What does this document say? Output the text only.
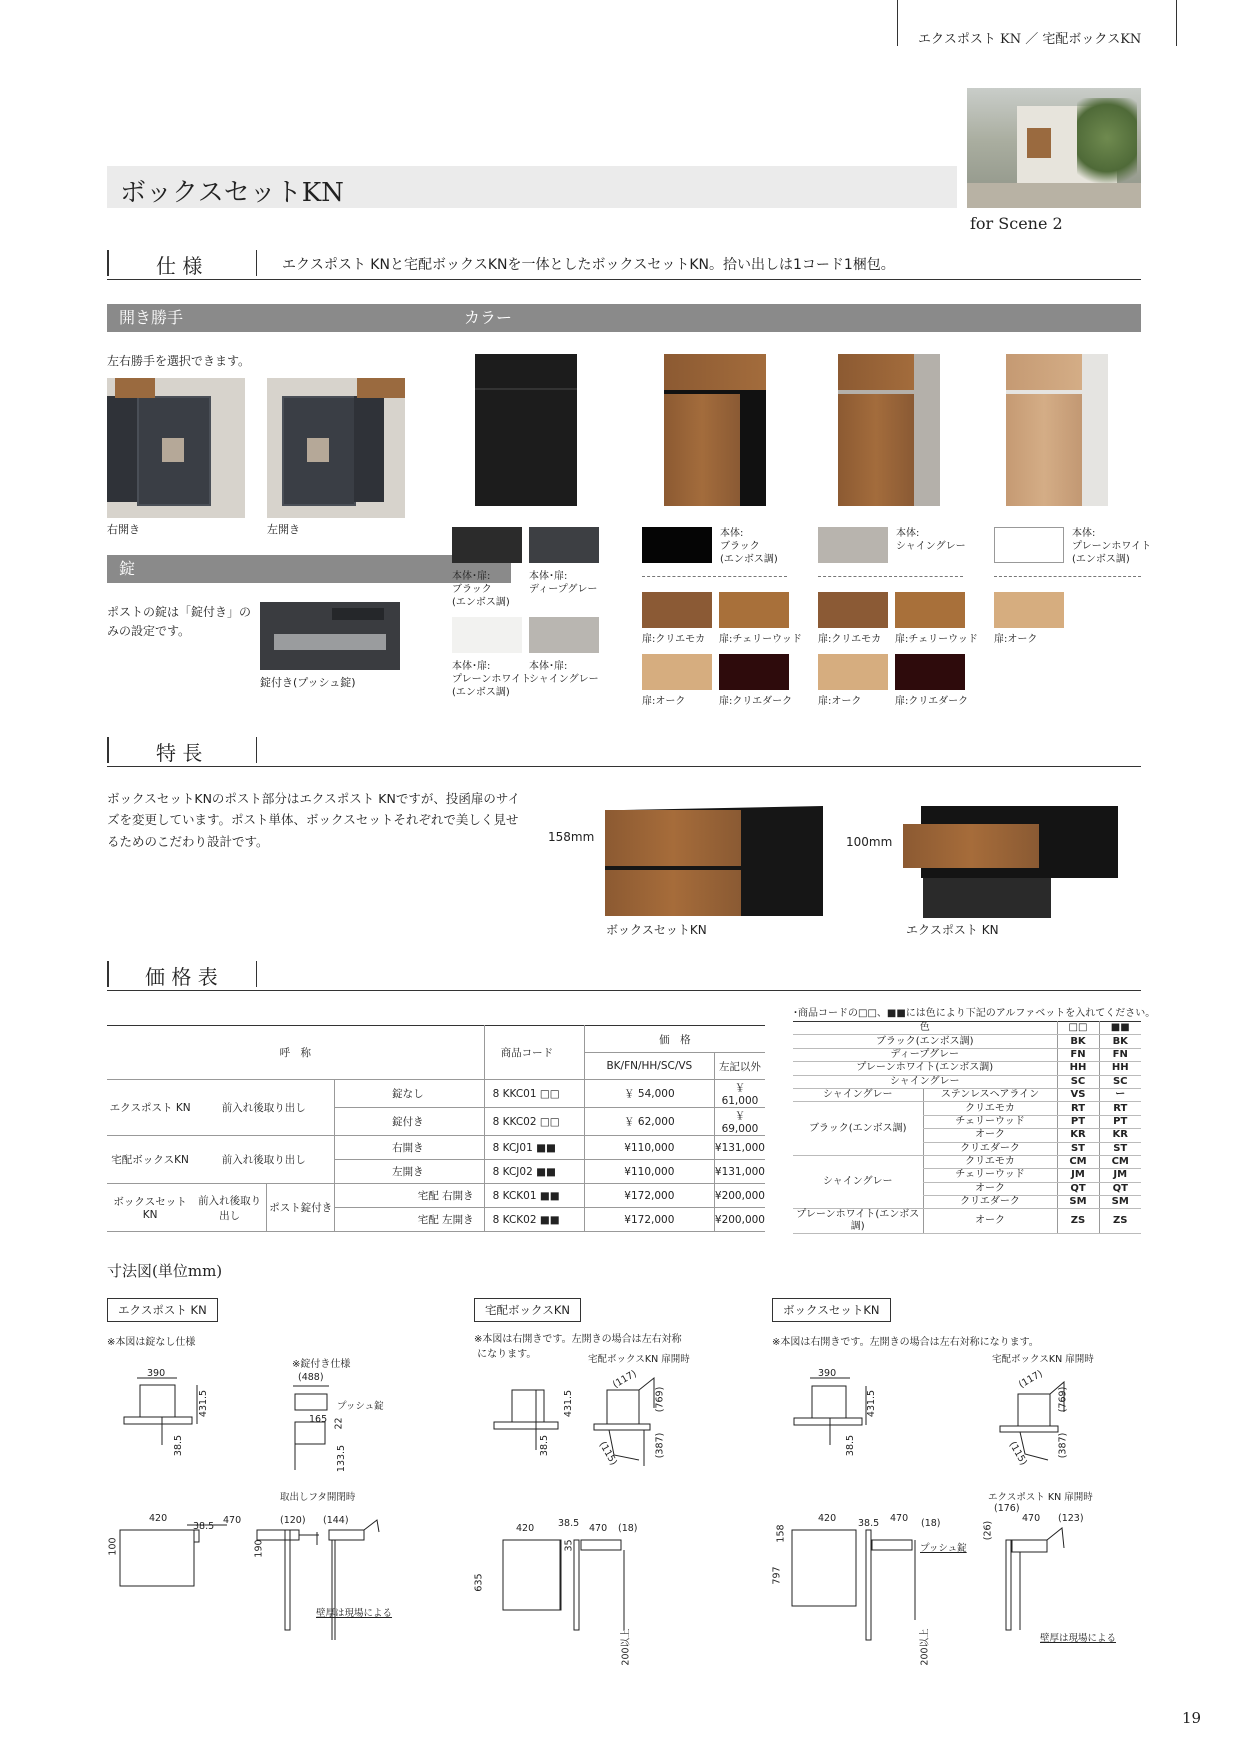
エクスポスト KN ／ 宅配ボックスKN
for Scene 2
ボックスセットKN
仕 様	エクスポスト KNと宅配ボックスKNを一体としたボックスセットKN。拾い出しは1コード1梱包。
開き勝手
左右勝手を選択できます。
右開き	左開き
錠
ポストの錠は「錠付き」のみの設定です。
錠付き(プッシュ錠)
カラー
本体･扉:
ブラック
(エンボス調)
本体･扉:
ディープグレー
本体･扉:
プレーンホワイト
(エンボス調)
本体･扉:
シャイングレー
本体:
ブラック
(エンボス調)
扉:クリエモカ 扉:チェリーウッド
扉:オーク	扉:クリエダーク
本体:
シャイングレー
扉:クリエモカ 扉:チェリーウッド
扉:オーク	扉:クリエダーク
本体:
プレーンホワイト
(エンボス調)
扉:オーク
特 長
ボックスセットKNのポスト部分はエクスポスト KNですが、投函扉のサイズを変更しています。ポスト単体、ボックスセットそれぞれで美しく見せるためのこだわり設計です。	158mm
ボックスセットKN
100mm
エクスポスト KN
価 格 表
呼　称				商品コード	価　格	
					BK/FN/HH/SC/VS	左記以外
エクスポスト KN	前入れ後取り出し		錠なし	8 KKC01 □□	￥ 54,000	￥ 61,000
			錠付き	8 KKC02 □□	￥ 62,000	￥ 69,000
宅配ボックスKN	前入れ後取り出し		右開き	8 KCJ01 ■■	¥110,000	¥131,000
			左開き	8 KCJ02 ■■	¥110,000	¥131,000
ボックスセットKN	前入れ後取り出し	ポスト錠付き	宅配 右開き	8 KCK01 ■■	¥172,000	¥200,000
			宅配 左開き	8 KCK02 ■■	¥172,000	¥200,000
･商品コードの□□、■■には色により下記のアルファベットを入れてください。
色		□□	■■
ブラック(エンボス調)		BK	BK
ディープグレー		FN	FN
プレーンホワイト(エンボス調)		HH	HH
シャイングレー		SC	SC
シャイングレー	ステンレスヘアライン	VS	ー
ブラック(エンボス調)	クリエモカ	RT	RT
	チェリーウッド	PT	PT
	オーク	KR	KR
	クリエダーク	ST	ST
シャイングレー	クリエモカ	CM	CM
	チェリーウッド	JM	JM
	オーク	QT	QT
	クリエダーク	SM	SM
プレーンホワイト(エンボス調)	オーク	ZS	ZS
寸法図(単位mm)
エクスポスト KN	宅配ボックスKN	ボックスセットKN
※本図は錠なし仕様	※本図は右開きです。左開きの場合は左右対称
になります。
※本図は右開きです。左開きの場合は左右対称になります。
390
431.5
38.5
※錠付き仕様
(488)
プッシュ錠
165 22
133.5
取出しフタ開閉時
420
38.5
470
100
(120) (144)
190
壁厚は現場による
宅配ボックスKN 扉開時
(117)
(769)
431.5
38.5	(387)
(115)
420	38.5 470 (18)
35
635
200以上
390
431.5
38.5
宅配ボックスKN 扉開時
(117)
(769)
(387)
(115)
エクスポスト KN 扉開時
(176)
420 38.5 470 (18)	470 (123)
(26)
158
プッシュ錠
797
200以上	壁厚は現場による
19
